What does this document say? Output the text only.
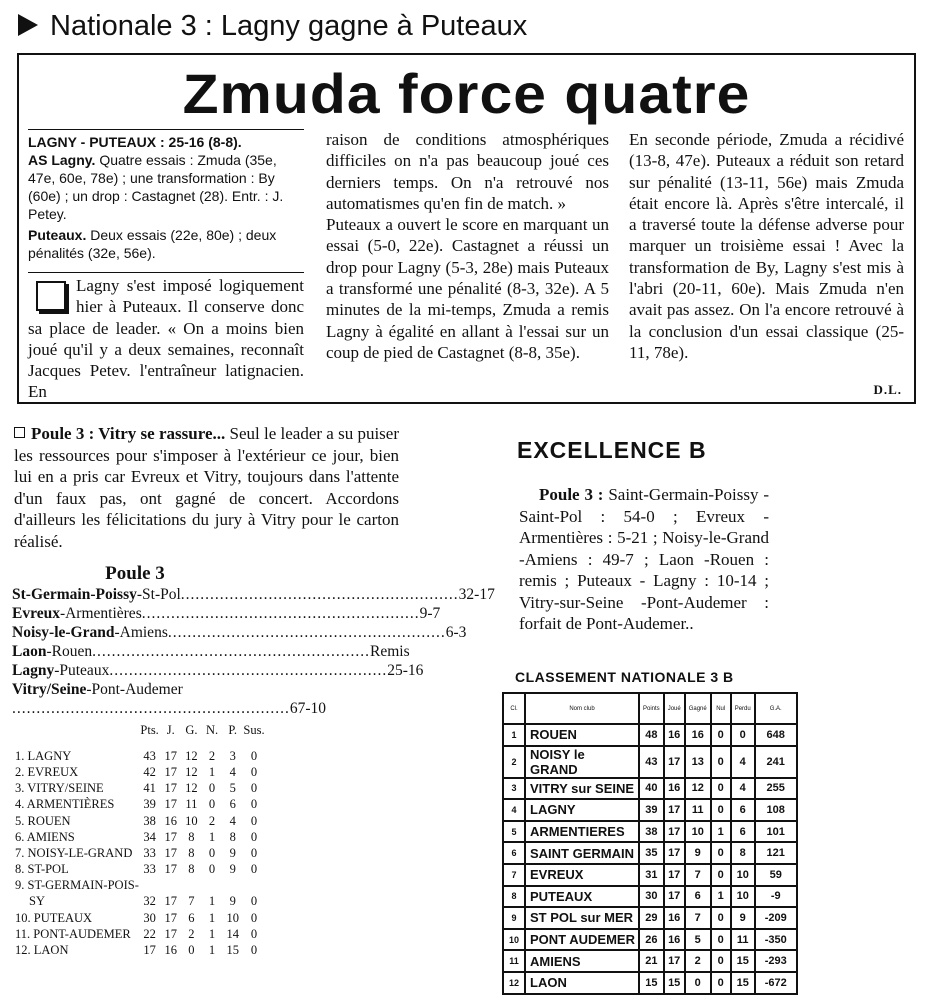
Nationale 3 : Lagny gagne à Puteaux
Zmuda force quatre
LAGNY - PUTEAUX : 25-16 (8-8).
AS Lagny. Quatre essais : Zmuda (35e, 47e, 60e, 78e) ; une transformation : By (60e) ; un drop : Castagnet (28). Entr. : J. Petey.
Puteaux. Deux essais (22e, 80e) ; deux pénalités (32e, 56e).
Lagny s'est imposé logiquement hier à Puteaux. Il conserve donc sa place de leader. « On a moins bien joué qu'il y a deux semaines, reconnaît Jacques Petev. l'entraîneur latignacien. En
raison de conditions atmosphériques difficiles on n'a pas beaucoup joué ces derniers temps. On n'a retrouvé nos automatismes qu'en fin de match. »
Puteaux a ouvert le score en marquant un essai (5-0, 22e). Castagnet a réussi un drop pour Lagny (5-3, 28e) mais Puteaux a transformé une pénalité (8-3, 32e). A 5 minutes de la mi-temps, Zmuda a remis Lagny à égalité en allant à l'essai sur un coup de pied de Castagnet (8-8, 35e).
En seconde période, Zmuda a récidivé (13-8, 47e). Puteaux a réduit son retard sur pénalité (13-11, 56e) mais Zmuda était encore là. Après s'être intercalé, il a traversé toute la défense adverse pour marquer un troisième essai ! Avec la transformation de By, Lagny s'est mis à l'abri (20-11, 60e). Mais Zmuda n'en avait pas assez. On l'a encore retrouvé à la conclusion d'un essai classique (25-11, 78e).
D.L.
Poule 3 : Vitry se rassure... Seul le leader a su puiser les ressources pour s'imposer à l'extérieur ce jour, bien lui en a pris car Evreux et Vitry, toujours dans l'attente d'un faux pas, ont gagné de concert. Accordons d'ailleurs les félicitations du jury à Vitry pour le carton réalisé.
Poule 3
St-Germain-Poissy-St-Pol ......................................................... 32-17
Evreux-Armentières ......................................................... 9-7
Noisy-le-Grand-Amiens ......................................................... 6-3
Laon-Rouen ......................................................... Remis
Lagny-Puteaux ......................................................... 25-16
Vitry/Seine-Pont-Audemer
......................................................... 67-10
	Pts.	J.	G.	N.	P.	Sus.

1. LAGNY	43	17	12	2	3	0
2. EVREUX	42	17	12	1	4	0
3. VITRY/SEINE	41	17	12	0	5	0
4. ARMENTIÈRES	39	17	11	0	6	0
5. ROUEN	38	16	10	2	4	0
6. AMIENS	34	17	8	1	8	0
7. NOISY-LE-GRAND	33	17	8	0	9	0
8. ST-POL	33	17	8	0	9	0
9. ST-GERMAIN-POIS-						
SY	32	17	7	1	9	0
10. PUTEAUX	30	17	6	1	10	0
11. PONT-AUDEMER	22	17	2	1	14	0
12. LAON	17	16	0	1	15	0
EXCELLENCE B
Poule 3 : Saint-Germain-Poissy - Saint-Pol : 54-0 ; Evreux -Armentières : 5-21 ; Noisy-le-Grand -Amiens : 49-7 ; Laon -Rouen : remis ; Puteaux - Lagny : 10-14 ; Vitry-sur-Seine -Pont-Audemer : forfait de Pont-Audemer..
CLASSEMENT NATIONALE 3 B
Cl.	Nom club	Points	Joué	Gagné	Nul	Perdu	G.A.
1	ROUEN	48	16	16	0	0	648
2	NOISY le GRAND	43	17	13	0	4	241
3	VITRY sur SEINE	40	16	12	0	4	255
4	LAGNY	39	17	11	0	6	108
5	ARMENTIERES	38	17	10	1	6	101
6	SAINT GERMAIN	35	17	9	0	8	121
7	EVREUX	31	17	7	0	10	59
8	PUTEAUX	30	17	6	1	10	-9
9	ST POL sur MER	29	16	7	0	9	-209
10	PONT AUDEMER	26	16	5	0	11	-350
11	AMIENS	21	17	2	0	15	-293
12	LAON	15	15	0	0	15	-672
